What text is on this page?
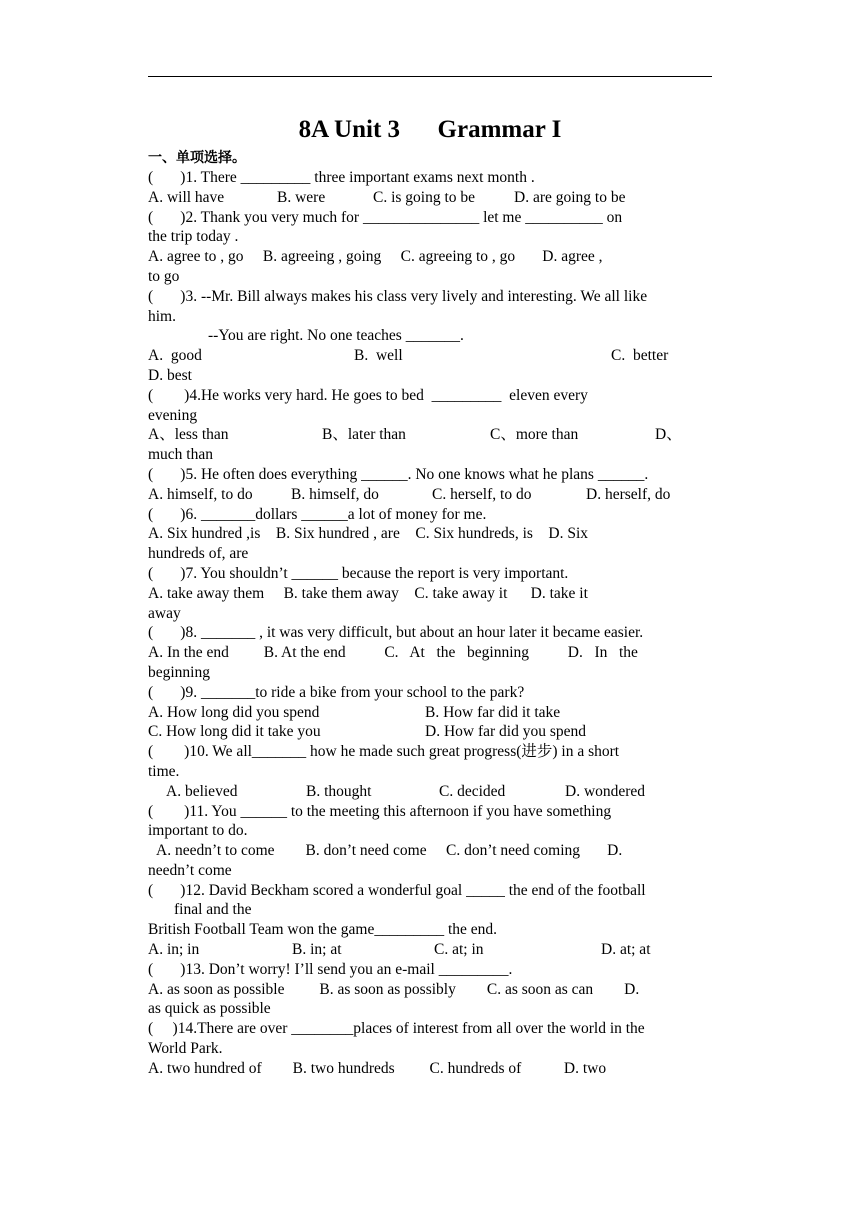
8A Unit 3      Grammar I
一、单项选择。
(       )1. There _________ three important exams next month .

A. will have

	B. were

	C. is going to be

	D. are going to be

(       )2. Thank you very much for _______________ let me __________ on
the trip today .
A. agree to , go     B. agreeing , going     C. agreeing to , go       D. agree ,
to go
(       )3. --Mr. Bill always makes his class very lively and interesting. We all like
him.
--You are right. No one teaches _______.

A.  good

	B.  well

	C.  better

D. best
(        )4.He works very hard. He goes to bed  _________  eleven every
evening

A、less than

	B、later than

	C、more than

	D、

much than
(       )5. He often does everything ______. No one knows what he plans ______.

A. himself, to do

B. himself, do

	C. herself, to do

	D. herself, do

(       )6. _______dollars ______a lot of money for me.
A. Six hundred ,is    B. Six hundred , are    C. Six hundreds, is    D. Six
hundreds of, are
(       )7. You shouldn’t ______ because the report is very important.
A. take away them     B. take them away    C. take away it      D. take it
away
(       )8. _______ , it was very difficult, but about an hour later it became easier.
A. In the end         B. At the end          C.   At   the   beginning          D.   In   the
beginning
(       )9. _______to ride a bike from your school to the park?

A. How long did you spend

	B. How far did it take

C. How long did it take you

	D. How far did you spend

(        )10. We all_______ how he made such great progress(进步) in a short
time.

A. believed

	B. thought

	C. decided

	D. wondered

(        )11. You ______ to the meeting this afternoon if you have something
important to do.
A. needn’t to come        B. don’t need come     C. don’t need coming       D.
needn’t come
(       )12. David Beckham scored a wonderful goal _____ the end of the football
final and the
British Football Team won the game_________ the end.

A. in; in

	B. in; at

	C. at; in

	D. at; at

(       )13. Don’t worry! I’ll send you an e-mail _________.
A. as soon as possible         B. as soon as possibly        C. as soon as can        D.
as quick as possible
(     )14.There are over ________places of interest from all over the world in the
World Park.
A. two hundred of        B. two hundreds         C. hundreds of           D. two
